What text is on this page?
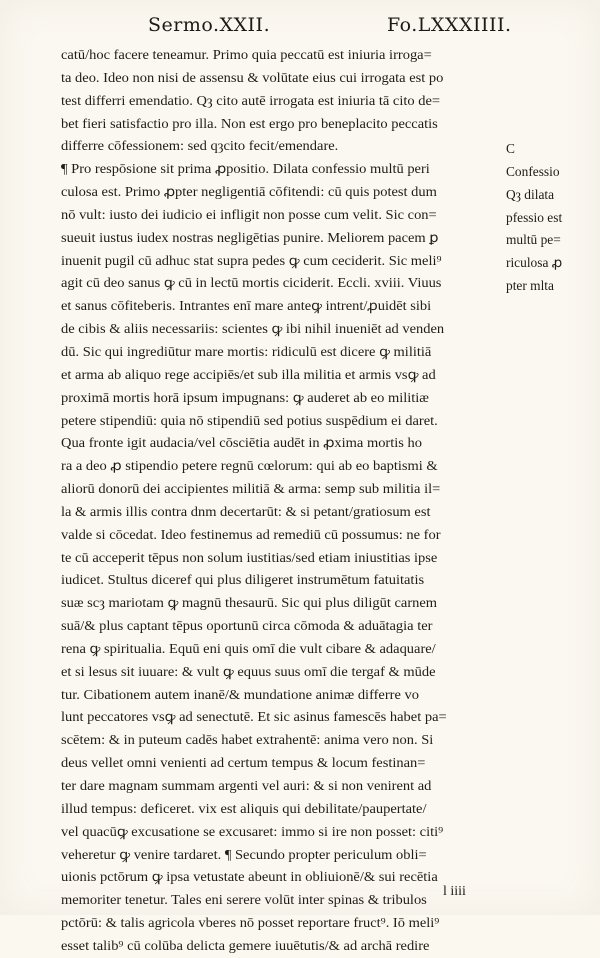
Sermo.XXII.	Fo.LXXXIIII.
catū/hoc facere teneamur. Primo quia peccatū est iniuria irroga=
ta deo. Ideo non nisi de assensu & volūtate eius cui irrogata est po
test differri emendatio. Qȝ cito autē irrogata est iniuria tā cito de=
bet fieri satisfactio pro illa. Non est ergo pro beneplacito peccatis
differre cōfessionem: sed qȝcito fecit/emendare.
¶ Pro respōsione sit prima ꝓpositio. Dilata confessio multū peri
culosa est. Primo ꝓpter negligentiā cōfitendi: cū quis potest dum
nō vult: iusto dei iudicio ei infligit non posse cum velit. Sic con=
sueuit iustus iudex nostras negligētias punire. Meliorem pacem ꝑ
inuenit pugil cū adhuc stat supra pedes ꝙ cum ceciderit. Sic meli⁹
agit cū deo sanus ꝙ cū in lectū mortis ciciderit. Eccli. xviii. Viuus
et sanus cōfiteberis. Intrantes enī mare anteꝙ intrent/ꝓuidēt sibi
de cibis & aliis necessariis: scientes ꝙ ibi nihil inueniēt ad venden
dū. Sic qui ingrediūtur mare mortis: ridiculū est dicere ꝙ militiā
et arma ab aliquo rege accipiēs/et sub illa militia et armis vsꝙ ad
proximā mortis horā ipsum impugnans: ꝙ auderet ab eo militiæ
petere stipendiū: quia nō stipendiū sed potius suspēdium ei daret.
Qua fronte igit audacia/vel cōsciētia audēt in ꝓxima mortis ho
ra a deo ꝓ stipendio petere regnū cœlorum: qui ab eo baptismi &
aliorū donorū dei accipientes militiā & arma: semp sub militia il=
la & armis illis contra dnm decertarūt: & si petant/gratiosum est
valde si cōcedat. Ideo festinemus ad remediū cū possumus: ne for
te cū acceperit tēpus non solum iustitias/sed etiam iniustitias ipse
iudicet. Stultus diceref qui plus diligeret instrumētum fatuitatis
suæ scȝ mariotam ꝙ magnū thesaurū. Sic qui plus diligūt carnem
suā/& plus captant tēpus oportunū circa cōmoda & aduātagia ter
rena ꝙ spiritualia. Equū eni quis omī die vult cibare & adaquare/
et si lesus sit iuuare: & vult ꝙ equus suus omī die tergaf & mūde
tur. Cibationem autem inanē/& mundatione animæ differre vo
lunt peccatores vsꝙ ad senectutē. Et sic asinus famescēs habet pa=
scētem: & in puteum cadēs habet extrahentē: anima vero non. Si
deus vellet omni venienti ad certum tempus & locum festinan=
ter dare magnam summam argenti vel auri: & si non venirent ad
illud tempus: deficeret. vix est aliquis qui debilitate/paupertate/
vel quacūꝙ excusatione se excusaret: immo si ire non posset: citi⁹
veheretur ꝙ venire tardaret. ¶ Secundo propter periculum obli=
uionis pctōrum ꝙ ipsa vetustate abeunt in obliuionē/& sui recētia
memoriter tenetur. Tales eni serere volūt inter spinas & tribulos
pctōrū: & talis agricola vberes nō posset reportare fruct⁹. Iō meli⁹
esset talib⁹ cū colūba delicta gemere iuuētutis/& ad archā redire
C
Confessio
Qȝ dilata
pfessio est
multū pe=
riculosa ꝓ
pter mlta
l iiii
